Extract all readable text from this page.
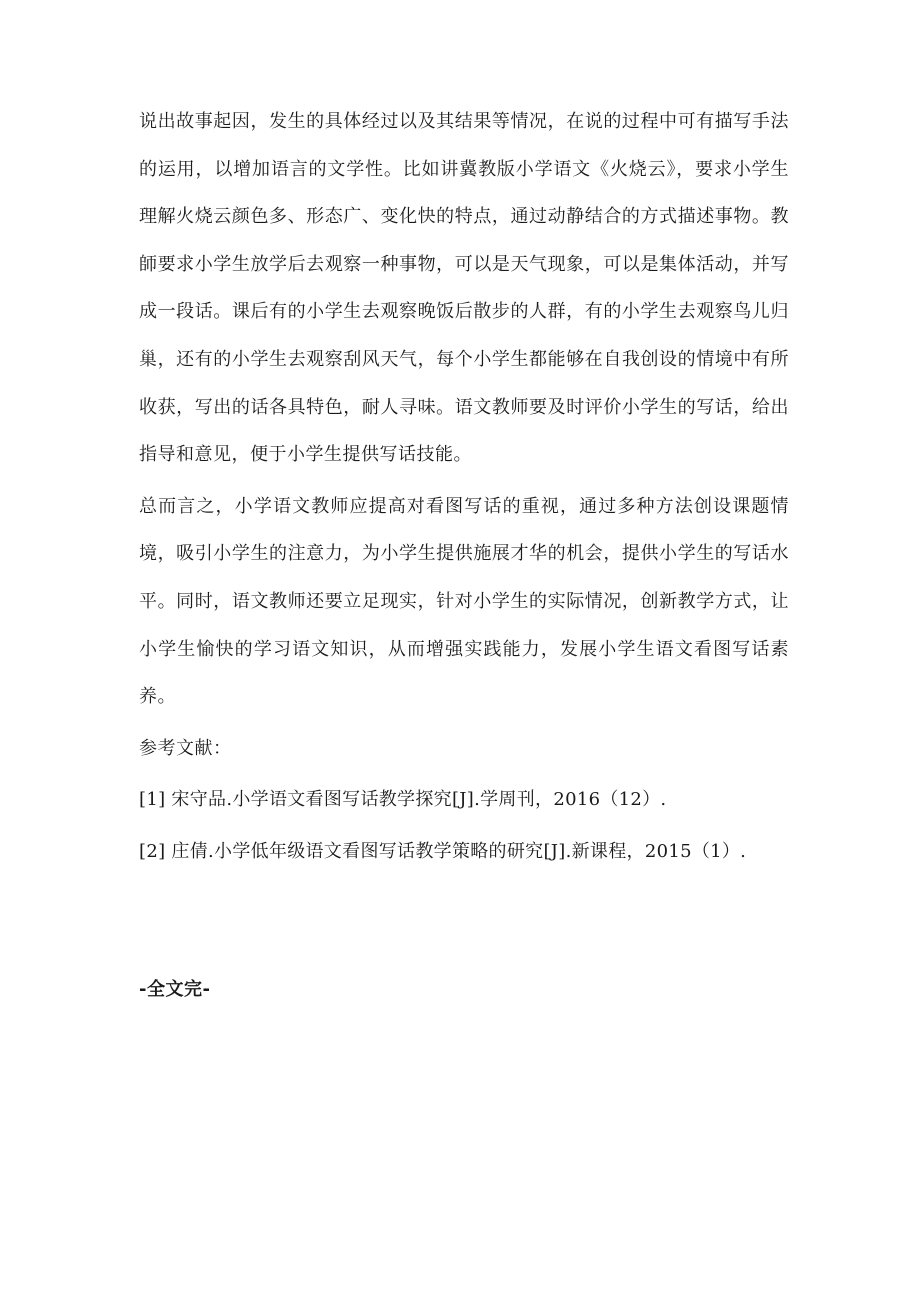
说出故事起因，发生的具体经过以及其结果等情况，在说的过程中可有描写手法的运用，以增加语言的文学性。比如讲冀教版小学语文《火烧云》，要求小学生理解火烧云颜色多、形态广、变化快的特点，通过动静结合的方式描述事物。教師要求小学生放学后去观察一种事物，可以是天气现象，可以是集体活动，并写成一段话。课后有的小学生去观察晚饭后散步的人群，有的小学生去观察鸟儿归巢，还有的小学生去观察刮风天气，每个小学生都能够在自我创设的情境中有所收获，写出的话各具特色，耐人寻味。语文教师要及时评价小学生的写话，给出指导和意见，便于小学生提供写话技能。

总而言之，小学语文教师应提高对看图写话的重视，通过多种方法创设课题情境，吸引小学生的注意力，为小学生提供施展才华的机会，提供小学生的写话水平。同时，语文教师还要立足现实，针对小学生的实际情况，创新教学方式，让小学生愉快的学习语文知识，从而增强实践能力，发展小学生语文看图写话素养。

参考文献：

[1] 宋守品.小学语文看图写话教学探究[J].学周刊，2016（12）.

[2] 庄倩.小学低年级语文看图写话教学策略的研究[J].新课程，2015（1）.

-全文完-
